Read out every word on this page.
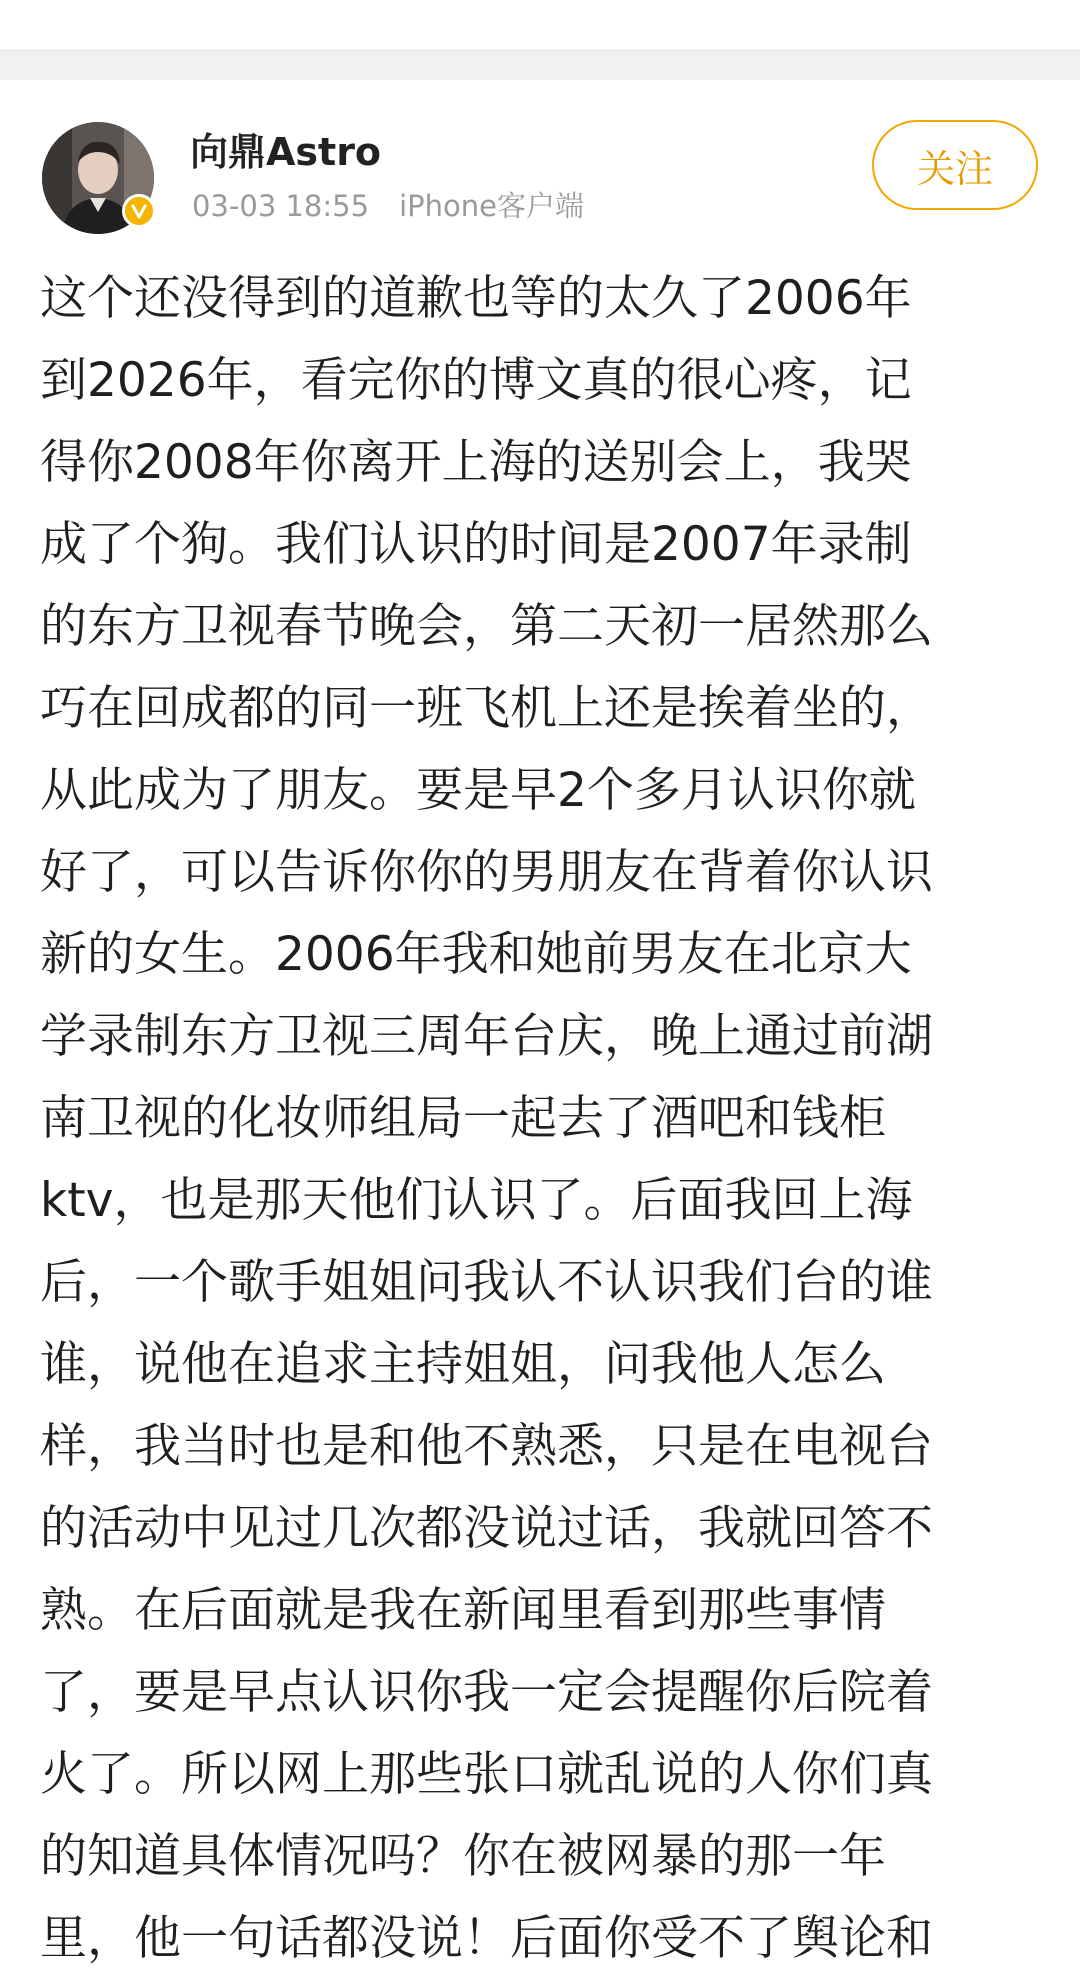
向鼎Astro
03-03 18:55 iPhone客户端
关注
这个还没得到的道歉也等的太久了2006年
到2026年，看完你的博文真的很心疼，记
得你2008年你离开上海的送别会上，我哭
成了个狗。我们认识的时间是2007年录制
的东方卫视春节晚会，第二天初一居然那么
巧在回成都的同一班飞机上还是挨着坐的，
从此成为了朋友。要是早2个多月认识你就
好了，可以告诉你你的男朋友在背着你认识
新的女生。2006年我和她前男友在北京大
学录制东方卫视三周年台庆，晚上通过前湖
南卫视的化妆师组局一起去了酒吧和钱柜
ktv，也是那天他们认识了。后面我回上海
后，一个歌手姐姐问我认不认识我们台的谁
谁，说他在追求主持姐姐，问我他人怎么
样，我当时也是和他不熟悉，只是在电视台
的活动中见过几次都没说过话，我就回答不
熟。在后面就是我在新闻里看到那些事情
了，要是早点认识你我一定会提醒你后院着
火了。所以网上那些张口就乱说的人你们真
的知道具体情况吗？你在被网暴的那一年
里，他一句话都没说！后面你受不了舆论和
